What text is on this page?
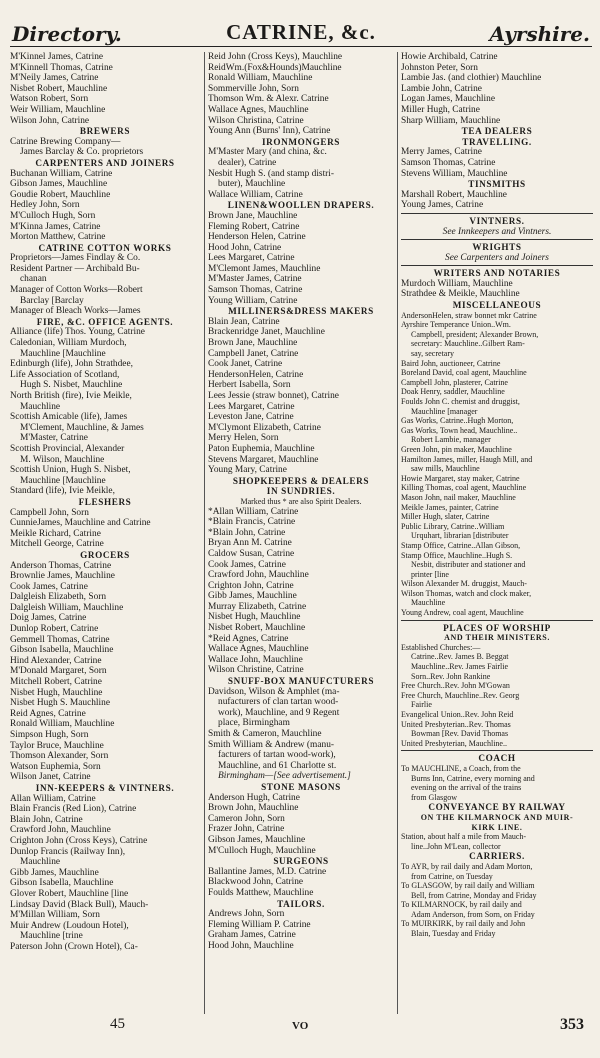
Directory.	CATRINE, &c.	Ayrshire.
M'Kinnel James, Catrine
M'Kinnell Thomas, Catrine
M'Neily James, Catrine
Nisbet Robert, Mauchline
Watson Robert, Sorn
Weir William, Mauchline
Wilson John, Catrine
BREWERS
Catrine Brewing Company—
James Barclay & Co. proprietors
CARPENTERS AND JOINERS
Buchanan William, Catrine
Gibson James, Mauchline
Goudie Robert, Mauchline
Hedley John, Sorn
M'Culloch Hugh, Sorn
M'Kinna James, Catrine
Morton Matthew, Catrine
CATRINE COTTON WORKS
Proprietors—James Findlay & Co.
Resident Partner — Archibald Bu-
chanan
Manager of Cotton Works—Robert
Barclay [Barclay
Manager of Bleach Works—James
FIRE, &C. OFFICE AGENTS.
Alliance (life) Thos. Young, Catrine
Caledonian, William Murdoch,
Mauchline [Mauchline
Edinburgh (life), John Strathdee,
Life Association of Scotland,
Hugh S. Nisbet, Mauchline
North British (fire), Ivie Meikle,
Mauchline
Scottish Amicable (life), James
M'Clement, Mauchline, & James
M'Master, Catrine
Scottish Provincial, Alexander
M. Wilson, Mauchline
Scottish Union, Hugh S. Nisbet,
Mauchline [Mauchline
Standard (life), Ivie Meikle,
FLESHERS
Campbell John, Sorn
CunnieJames, Mauchline and Catrine
Meikle Richard, Catrine
Mitchell George, Catrine
GROCERS
Anderson Thomas, Catrine
Brownlie James, Mauchline
Cook James, Catrine
Dalgleish Elizabeth, Sorn
Dalgleish William, Mauchline
Doig James, Catrine
Dunlop Robert, Catrine
Gemmell Thomas, Catrine
Gibson Isabella, Mauchline
Hind Alexander, Catrine
M'Donald Margaret, Sorn
Mitchell Robert, Catrine
Nisbet Hugh, Mauchline
Nisbet Hugh S. Mauchline
Reid Agnes, Catrine
Ronald William, Mauchline
Simpson Hugh, Sorn
Taylor Bruce, Mauchline
Thomson Alexander, Sorn
Watson Euphemia, Sorn
Wilson Janet, Catrine
INN-KEEPERS & VINTNERS.
Allan William, Catrine
Blain Francis (Red Lion), Catrine
Blain John, Catrine
Crawford John, Mauchline
Crighton John (Cross Keys), Catrine
Dunlop Francis (Railway Inn),
Mauchline
Gibb James, Mauchline
Gibson Isabella, Mauchline
Glover Robert, Mauchline [line
Lindsay David (Black Bull), Mauch-
M'Millan William, Sorn
Muir Andrew (Loudoun Hotel),
Mauchline [trine
Paterson John (Crown Hotel), Ca-
Reid John (Cross Keys), Mauchline
ReidWm.(Fox&Hounds)Mauchline
Ronald William, Mauchline
Sommerville John, Sorn
Thomson Wm. & Alexr. Catrine
Wallace Agnes, Mauchline
Wilson Christina, Catrine
Young Ann (Burns' Inn), Catrine
IRONMONGERS
M'Master Mary (and china, &c.
dealer), Catrine
Nesbit Hugh S. (and stamp distri-
buter), Mauchline
Wallace William, Catrine
LINEN&WOOLLEN DRAPERS.
Brown Jane, Mauchline
Fleming Robert, Catrine
Henderson Helen, Catrine
Hood John, Catrine
Lees Margaret, Catrine
M'Clemont James, Mauchline
M'Master James, Catrine
Samson Thomas, Catrine
Young William, Catrine
MILLINERS&DRESS MAKERS
Blain Jean, Catrine
Brackenridge Janet, Mauchline
Brown Jane, Mauchline
Campbell Janet, Catrine
Cook Janet, Catrine
HendersonHelen, Catrine
Herbert Isabella, Sorn
Lees Jessie (straw bonnet), Catrine
Lees Margaret, Catrine
Leveston Jane, Catrine
M'Clymont Elizabeth, Catrine
Merry Helen, Sorn
Paton Euphemia, Mauchline
Stevens Margaret, Mauchline
Young Mary, Catrine
SHOPKEEPERS & DEALERS
IN SUNDRIES.
Marked thus * are also Spirit Dealers.
*Allan William, Catrine
*Blain Francis, Catrine
*Blain John, Catrine
Bryan Ann M. Catrine
Caldow Susan, Catrine
Cook James, Catrine
Crawford John, Mauchline
Crighton John, Catrine
Gibb James, Mauchline
Murray Elizabeth, Catrine
Nisbet Hugh, Mauchline
Nisbet Robert, Mauchline
*Reid Agnes, Catrine
Wallace Agnes, Mauchline
Wallace John, Mauchline
Wilson Christine, Catrine
SNUFF-BOX MANUFCTURERS
Davidson, Wilson & Amphlet (ma-
nufacturers of clan tartan wood-
work), Mauchline, and 9 Regent
place, Birmingham
Smith & Cameron, Mauchline
Smith William & Andrew (manu-
facturers of tartan wood-work),
Mauchline, and 61 Charlotte st.
Birmingham—[See advertisement.]
STONE MASONS
Anderson Hugh, Catrine
Brown John, Mauchline
Cameron John, Sorn
Frazer John, Catrine
Gibson James, Mauchline
M'Culloch Hugh, Mauchline
SURGEONS
Ballantine James, M.D. Catrine
Blackwood John, Catrine
Foulds Matthew, Mauchline
TAILORS.
Andrews John, Sorn
Fleming William P. Catrine
Graham James, Catrine
Hood John, Mauchline
Howie Archibald, Catrine
Johnston Peter, Sorn
Lambie Jas. (and clothier) Mauchline
Lambie John, Catrine
Logan James, Mauchline
Miller Hugh, Catrine
Sharp William, Mauchline
TEA DEALERS
TRAVELLING.
Merry James, Catrine
Samson Thomas, Catrine
Stevens William, Mauchline
TINSMITHS
Marshall Robert, Mauchline
Young James, Catrine
VINTNERS.
See Innkeepers and Vintners.
WRIGHTS
See Carpenters and Joiners
WRITERS AND NOTARIES
Murdoch William, Mauchline
Strathdee & Meikle, Mauchline
MISCELLANEOUS
AndersonHelen, straw bonnet mkr Catrine
Ayrshire Temperance Union..Wm.
Campbell, president; Alexander Brown,
secretary: Mauchline..Gilbert Ram-
say, secretary
Baird John, auctioneer, Catrine
Boreland David, coal agent, Mauchline
Campbell John, plasterer, Catrine
Doak Henry, saddler, Mauchline
Foulds John C. chemist and druggist,
Mauchline [manager
Gas Works, Catrine..Hugh Morton,
Gas Works, Town head, Mauchline..
Robert Lambie, manager
Green John, pin maker, Mauchline
Hamilton James, miller, Haugh Mill, and
saw mills, Mauchline
Howie Margaret, stay maker, Catrine
Killing Thomas, coal agent, Mauchline
Mason John, nail maker, Mauchline
Meikle James, painter, Catrine
Miller Hugh, slater, Catrine
Public Library, Catrine..William
Urquhart, librarian [distributer
Stamp Office, Catrine..Allan Gibson,
Stamp Office, Mauchline..Hugh S.
Nesbit, distributer and stationer and
printer [line
Wilson Alexander M. druggist, Mauch-
Wilson Thomas, watch and clock maker,
Mauchline
Young Andrew, coal agent, Mauchline
PLACES OF WORSHIP
AND THEIR MINISTERS.
Established Churches:—
Catrine..Rev. James B. Beggat
Mauchline..Rev. James Fairlie
Sorn..Rev. John Rankine
Free Church..Rev. John M'Gowan
Free Church, Mauchline..Rev. Georg
Fairlie
Evangelical Union..Rev. John Reid
United Presbyterian..Rev. Thomas
Bowman [Rev. David Thomas
United Presbyterian, Mauchline..
COACH
To MAUCHLINE, a Coach, from the
Burns Inn, Catrine, every morning and
evening on the arrival of the trains
from Glasgow
CONVEYANCE BY RAILWAY
ON THE KILMARNOCK AND MUIR-
KIRK LINE.
Station, about half a mile from Mauch-
line..John M'Lean, collector
CARRIERS.
To AYR, by rail daily and Adam Morton,
from Catrine, on Tuesday
To GLASGOW, by rail daily and William
Bell, from Catrine, Monday and Friday
To KILMARNOCK, by rail daily and
Adam Anderson, from Sorn, on Friday
To MUIRKIRK, by rail daily and John
Blain, Tuesday and Friday
45	VO	353
